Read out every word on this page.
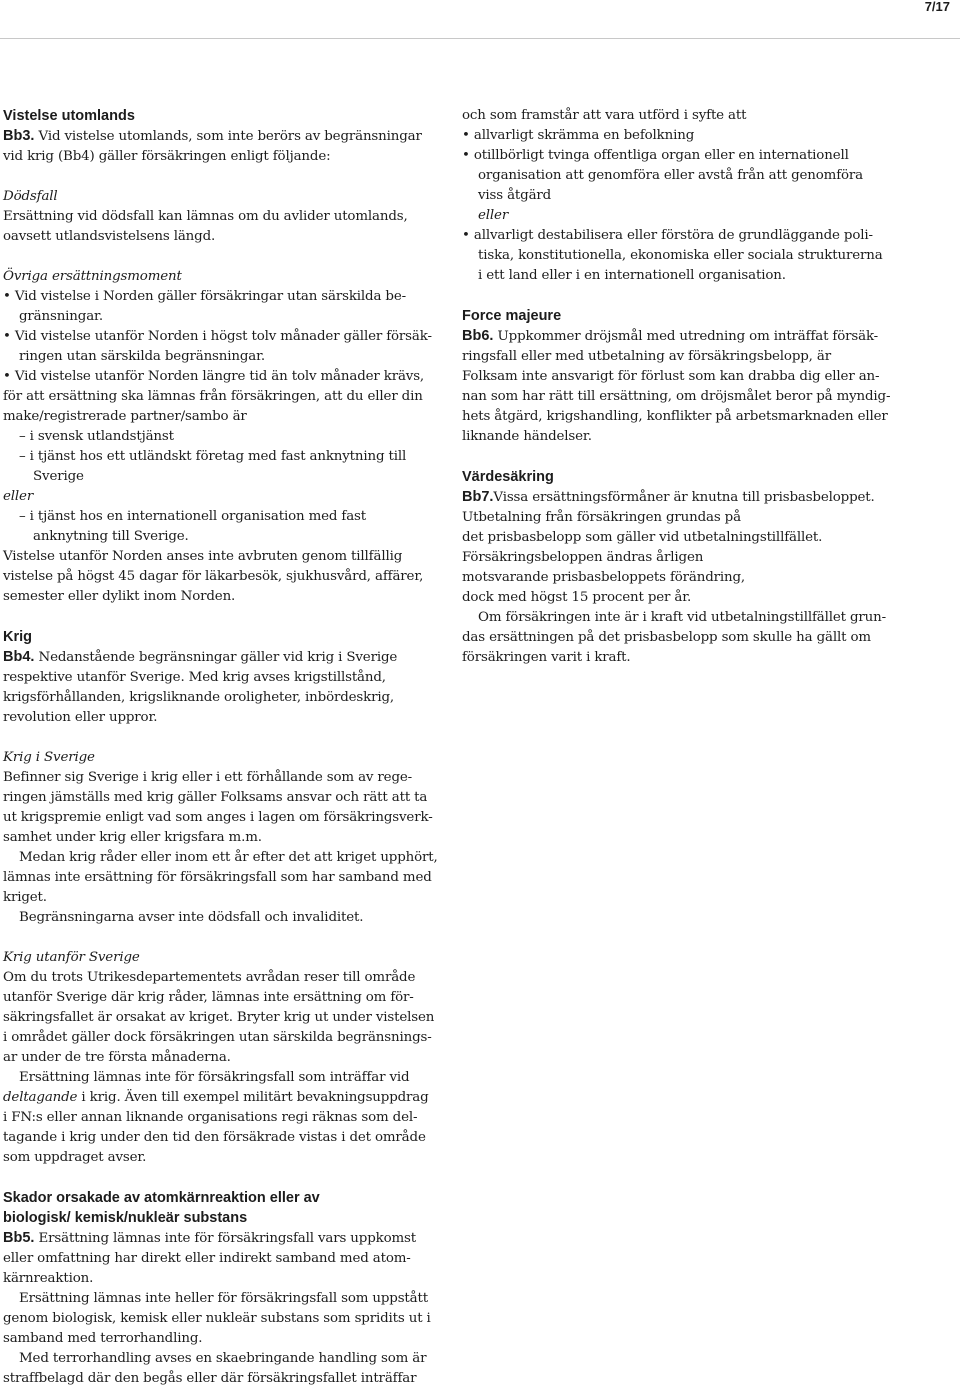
7/17

Vistelse utomlands

Bb3. Vid vistelse utomlands, som inte berörs av begränsningar

vid krig (Bb4) gäller försäkringen enligt följande:

Dödsfall

Ersättning vid dödsfall kan lämnas om du avlider utomlands,

oavsett utlandsvistelsens längd.

Övriga ersättningsmoment

• Vid vistelse i Norden gäller försäkringar utan särskilda be-

gränsningar.

• Vid vistelse utanför Norden i högst tolv månader gäller försäk-

ringen utan särskilda begränsningar.

• Vid vistelse utanför Norden längre tid än tolv månader krävs,

för att ersättning ska lämnas från försäkringen, att du eller din

make/registrerade partner/sambo är

– i svensk utlandstjänst

– i tjänst hos ett utländskt företag med fast anknytning till

Sverige

eller

– i tjänst hos en internationell organisation med fast

anknytning till Sverige.

Vistelse utanför Norden anses inte avbruten genom tillfällig

vistelse på högst 45 dagar för läkarbesök, sjukhusvård, affärer,

semester eller dylikt inom Norden.

Krig

Bb4. Nedanstående begränsningar gäller vid krig i Sverige

respektive utanför Sverige. Med krig avses krigstillstånd,

krigsförhållanden, krigsliknande oroligheter, inbördeskrig,

revolution eller uppror.

Krig i Sverige

Befinner sig Sverige i krig eller i ett förhållande som av rege-

ringen jämställs med krig gäller Folksams ansvar och rätt att ta

ut krigspremie enligt vad som anges i lagen om försäkringsverk-

samhet under krig eller krigsfara m.m.

Medan krig råder eller inom ett år efter det att kriget upphört,

lämnas inte ersättning för försäkringsfall som har samband med

kriget.

Begränsningarna avser inte dödsfall och invaliditet.

Krig utanför Sverige

Om du trots Utrikesdepartementets avrådan reser till område

utanför Sverige där krig råder, lämnas inte ersättning om för-

säkringsfallet är orsakat av kriget. Bryter krig ut under vistelsen

i området gäller dock försäkringen utan särskilda begränsnings-

ar under de tre första månaderna.

Ersättning lämnas inte för försäkringsfall som inträffar vid

deltagande i krig. Även till exempel militärt bevakningsuppdrag

i FN:s eller annan liknande organisations regi räknas som del-

tagande i krig under den tid den försäkrade vistas i det område

som uppdraget avser.

Skador orsakade av atomkärnreaktion eller av

biologisk/ kemisk/nukleär substans

Bb5. Ersättning lämnas inte för försäkringsfall vars uppkomst

eller omfattning har direkt eller indirekt samband med atom-

kärnreaktion.

Ersättning lämnas inte heller för försäkringsfall som uppstått

genom biologisk, kemisk eller nukleär substans som spridits ut i

samband med terrorhandling.

Med terrorhandling avses en skaebringande handling som är

straffbelagd där den begås eller där försäkringsfallet inträffar

och som framstår att vara utförd i syfte att

• allvarligt skrämma en befolkning

• otillbörligt tvinga offentliga organ eller en internationell

organisation att genomföra eller avstå från att genomföra

viss åtgärd

eller

• allvarligt destabilisera eller förstöra de grundläggande poli-

tiska, konstitutionella, ekonomiska eller sociala strukturerna

i ett land eller i en internationell organisation.

Force majeure

Bb6. Uppkommer dröjsmål med utredning om inträffat försäk-

ringsfall eller med utbetalning av försäkringsbelopp, är

Folksam inte ansvarigt för förlust som kan drabba dig eller an-

nan som har rätt till ersättning, om dröjsmålet beror på myndig-

hets åtgärd, krigshandling, konflikter på arbetsmarknaden eller

liknande händelser.

Värdesäkring

Bb7.Vissa ersättningsförmåner är knutna till prisbasbeloppet.

Utbetalning från försäkringen grundas på

det prisbasbelopp som gäller vid utbetalningstillfället.

Försäkringsbeloppen ändras årligen

motsvarande prisbasbeloppets förändring,

dock med högst 15 procent per år.

Om försäkringen inte är i kraft vid utbetalningstillfället grun-

das ersättningen på det prisbasbelopp som skulle ha gällt om

försäkringen varit i kraft.
